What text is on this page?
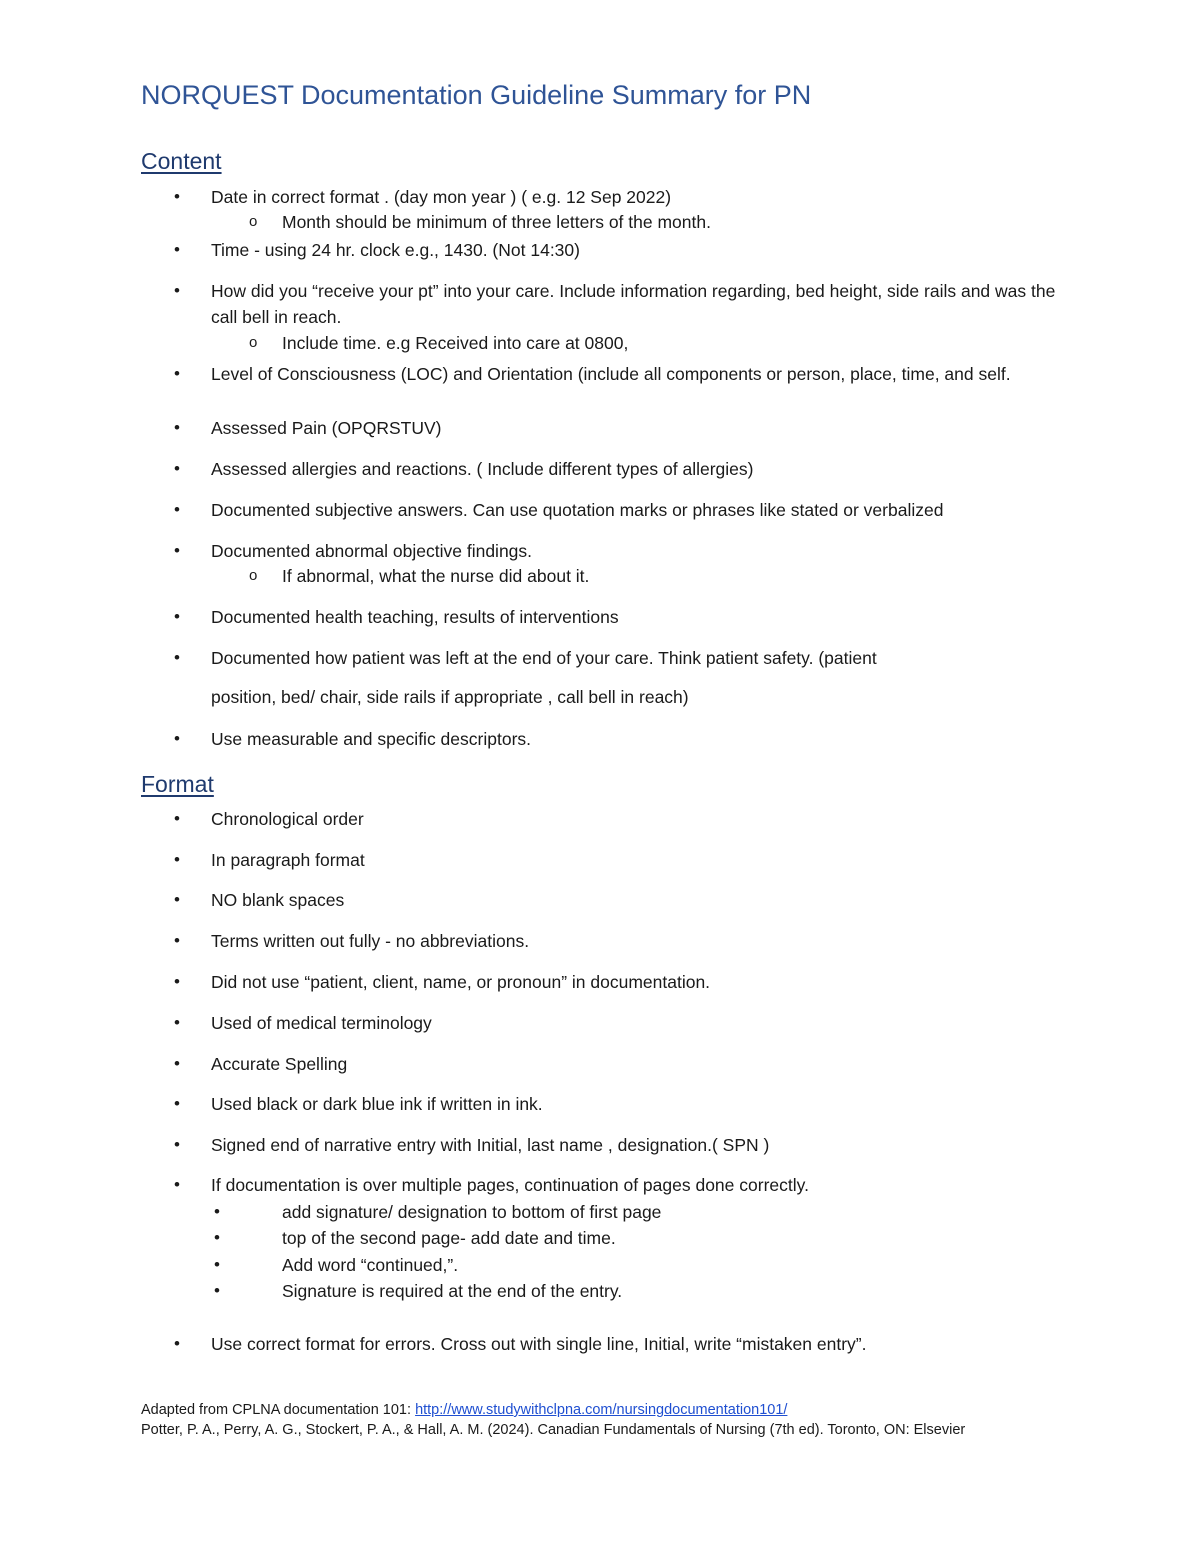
NORQUEST Documentation Guideline Summary for PN
Content
• Date in correct format . (day mon year ) ( e.g. 12 Sep 2022)
o Month should be minimum of three letters of the month.
• Time - using 24 hr. clock e.g., 1430. (Not 14:30)
• How did you “receive your pt” into your care. Include information regarding, bed height, side rails and was the call bell in reach.
o Include time. e.g Received into care at 0800,
• Level of Consciousness (LOC) and Orientation (include all components or person, place, time, and self.
• Assessed Pain (OPQRSTUV)
• Assessed allergies and reactions. ( Include different types of allergies)
• Documented subjective answers. Can use quotation marks or phrases like stated or verbalized
• Documented abnormal objective findings.
o If abnormal, what the nurse did about it.
• Documented health teaching, results of interventions
• Documented how patient was left at the end of your care. Think patient safety. (patient
position, bed/ chair, side rails if appropriate , call bell in reach)
• Use measurable and specific descriptors.
Format
• Chronological order
• In paragraph format
• NO blank spaces
• Terms written out fully - no abbreviations.
• Did not use “patient, client, name, or pronoun” in documentation.
• Used of medical terminology
• Accurate Spelling
• Used black or dark blue ink if written in ink.
• Signed end of narrative entry with Initial, last name , designation.( SPN )
• If documentation is over multiple pages, continuation of pages done correctly.
•	add signature/ designation to bottom of first page
•	top of the second page- add date and time.
•	Add word “continued,”.
•	Signature is required at the end of the entry.
• Use correct format for errors. Cross out with single line, Initial, write “mistaken entry”.
Adapted from CPLNA documentation 101: http://www.studywithclpna.com/nursingdocumentation101/
Potter, P. A., Perry, A. G., Stockert, P. A., & Hall, A. M. (2024). Canadian Fundamentals of Nursing (7th ed). Toronto, ON: Elsevier
